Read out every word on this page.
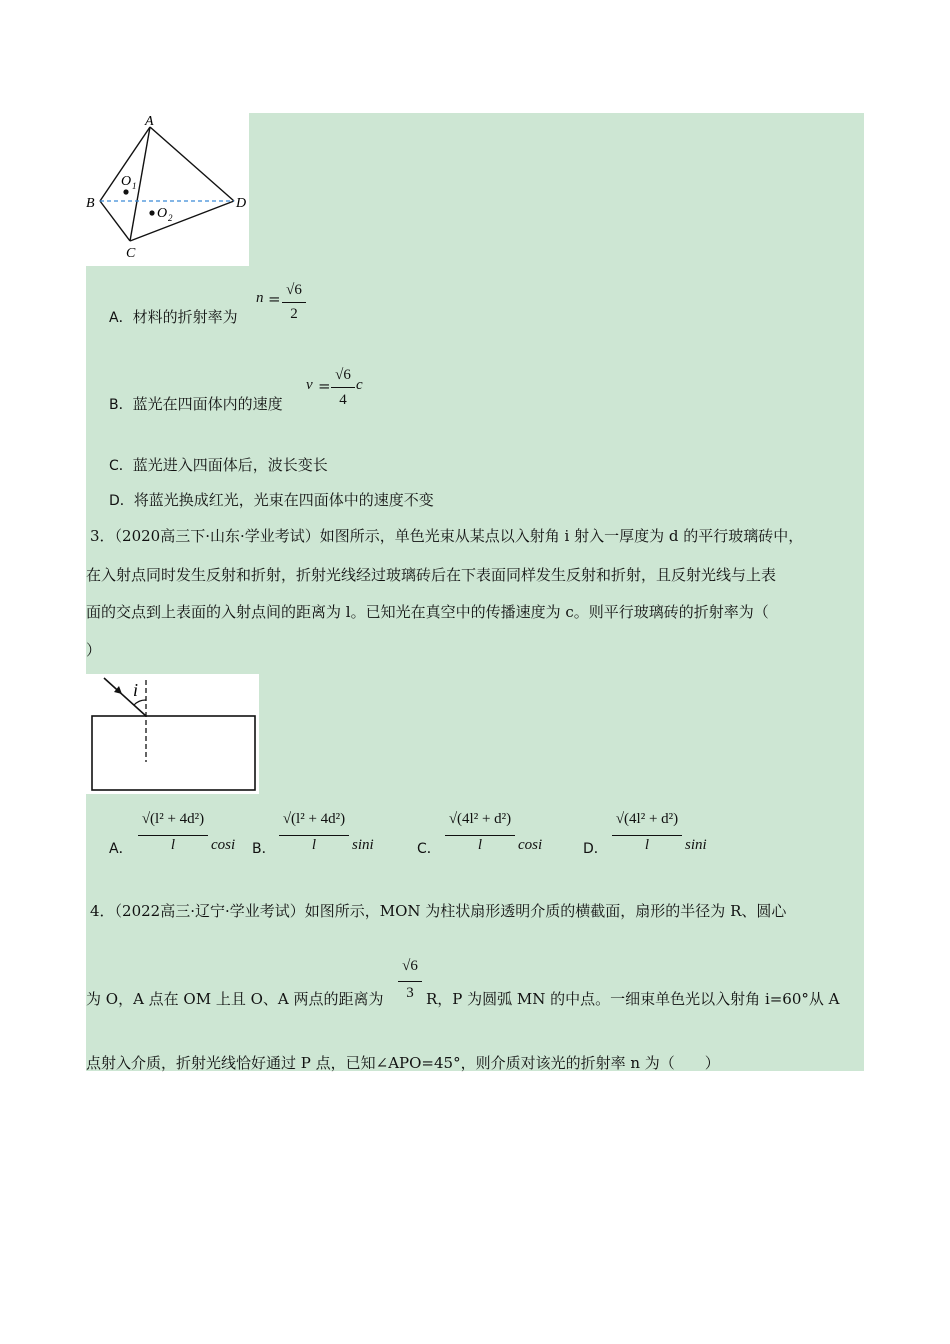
A
B
C
D
O 1
O 2
A．材料的折射率为
n = √6
2
B．蓝光在四面体内的速度
v =
√6
4
c
C．蓝光进入四面体后，波长变长
D．将蓝光换成红光，光束在四面体中的速度不变
3．（2020高三下·山东·学业考试）如图所示，单色光束从某点以入射角 i 射入一厚度为 d 的平行玻璃砖中，
在入射点同时发生反射和折射，折射光线经过玻璃砖后在下表面同样发生反射和折射，且反射光线与上表
面的交点到上表面的入射点间的距离为 l。已知光在真空中的传播速度为 c。则平行玻璃砖的折射率为（
）
i
A．
√(l² + 4d²)
l	cosi B．
√(l² + 4d²)
l	sini	C．
√(4l² + d²)
l	cosi	D．
√(4l² + d²)
l	sini
4．（2022高三·辽宁·学业考试）如图所示，MON 为柱状扇形透明介质的横截面，扇形的半径为 R、圆心
为 O，A 点在 OM 上且 O、A 两点的距离为
√6
3 R，P 为圆弧 MN 的中点。一细束单色光以入射角 i=60°从 A
点射入介质，折射光线恰好通过 P 点，已知∠APO=45°，则介质对该光的折射率 n 为（　　）
